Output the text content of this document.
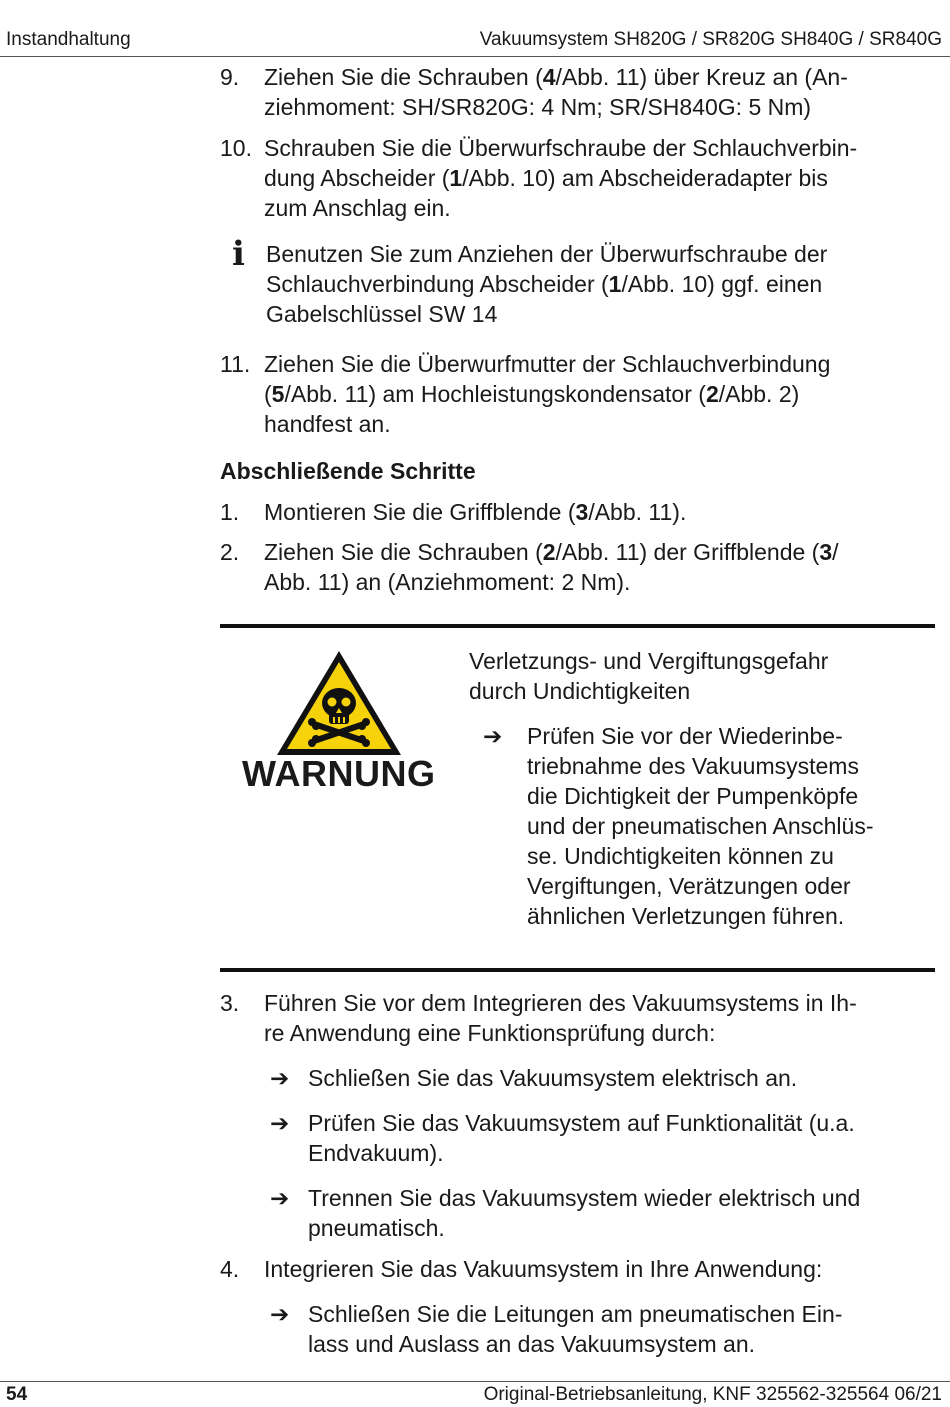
Instandhaltung	Vakuumsystem SH820G / SR820G SH840G / SR840G
9.	Ziehen Sie die Schrauben (4/Abb. 11) über Kreuz an (An-
ziehmoment: SH/SR820G: 4 Nm; SR/SH840G: 5 Nm)
10. Schrauben Sie die Überwurfschraube der Schlauchverbin-
dung Abscheider (1/Abb. 10) am Abscheideradapter bis
zum Anschlag ein.
i Benutzen Sie zum Anziehen der Überwurfschraube der
Schlauchverbindung Abscheider (1/Abb. 10) ggf. einen
Gabelschlüssel SW 14
11. Ziehen Sie die Überwurfmutter der Schlauchverbindung
(5/Abb. 11) am Hochleistungskondensator (2/Abb. 2)
handfest an.
Abschließende Schritte
1.	Montieren Sie die Griffblende (3/Abb. 11).
2.	Ziehen Sie die Schrauben (2/Abb. 11) der Griffblende (3/
Abb. 11) an (Anziehmoment: 2 Nm).
WARNUNG
Verletzungs- und Vergiftungsgefahr
durch Undichtigkeiten
➔	Prüfen Sie vor der Wiederinbe-
triebnahme des Vakuumsystems
die Dichtigkeit der Pumpenköpfe
und der pneumatischen Anschlüs-
se. Undichtigkeiten können zu
Vergiftungen, Verätzungen oder
ähnlichen Verletzungen führen.
3.	Führen Sie vor dem Integrieren des Vakuumsystems in Ih-
re Anwendung eine Funktionsprüfung durch:
➔ Schließen Sie das Vakuumsystem elektrisch an.
➔ Prüfen Sie das Vakuumsystem auf Funktionalität (u.a.
Endvakuum).
➔ Trennen Sie das Vakuumsystem wieder elektrisch und
pneumatisch.
4.	Integrieren Sie das Vakuumsystem in Ihre Anwendung:
➔ Schließen Sie die Leitungen am pneumatischen Ein-
lass und Auslass an das Vakuumsystem an.
54	Original-Betriebsanleitung, KNF 325562-325564 06/21
